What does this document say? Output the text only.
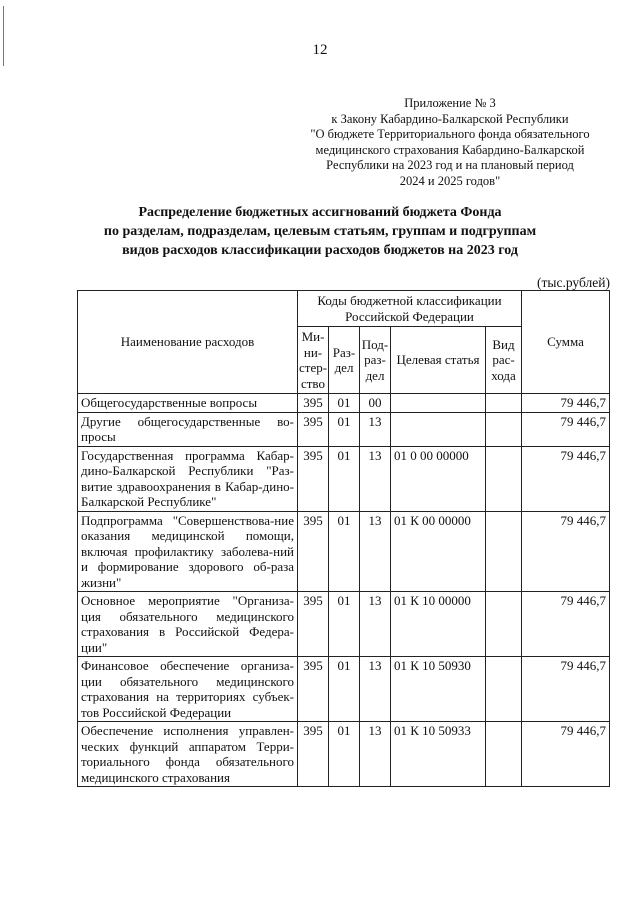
12
Приложение № 3
к Закону Кабардино-Балкарской Республики
"О бюджете Территориального фонда обязательного
медицинского страхования Кабардино-Балкарской
Республики на 2023 год и на плановый период
2024 и 2025 годов"
Распределение бюджетных ассигнований бюджета Фонда
по разделам, подразделам, целевым статьям, группам и подгруппам
видов расходов классификации расходов бюджетов на 2023 год
(тыс.рублей)
Наименование расходов	Коды бюджетной классификации Российской Федерации					Сумма
	Ми-ни-стер-ство	Раз-дел	Под-раз-дел	Целевая статья	Вид рас-хода	
Общегосударственные вопросы	395	01	00			79 446,7
Другие общегосударственные во-просы	395	01	13			79 446,7
Государственная программа Кабар-дино-Балкарской Республики "Раз-витие здравоохранения в Кабар-дино-Балкарской Республике"	395	01	13	01 0 00 00000		79 446,7
Подпрограмма "Совершенствова-ние оказания медицинской помощи, включая профилактику заболева-ний и формирование здорового об-раза жизни"	395	01	13	01 К 00 00000		79 446,7
Основное мероприятие "Организа-ция обязательного медицинского страхования в Российской Федера-ции"	395	01	13	01 К 10 00000		79 446,7
Финансовое обеспечение организа-ции обязательного медицинского страхования на территориях субъек-тов Российской Федерации	395	01	13	01 К 10 50930		79 446,7
Обеспечение исполнения управлен-ческих функций аппаратом Терри-ториального фонда обязательного медицинского страхования	395	01	13	01 К 10 50933		79 446,7
